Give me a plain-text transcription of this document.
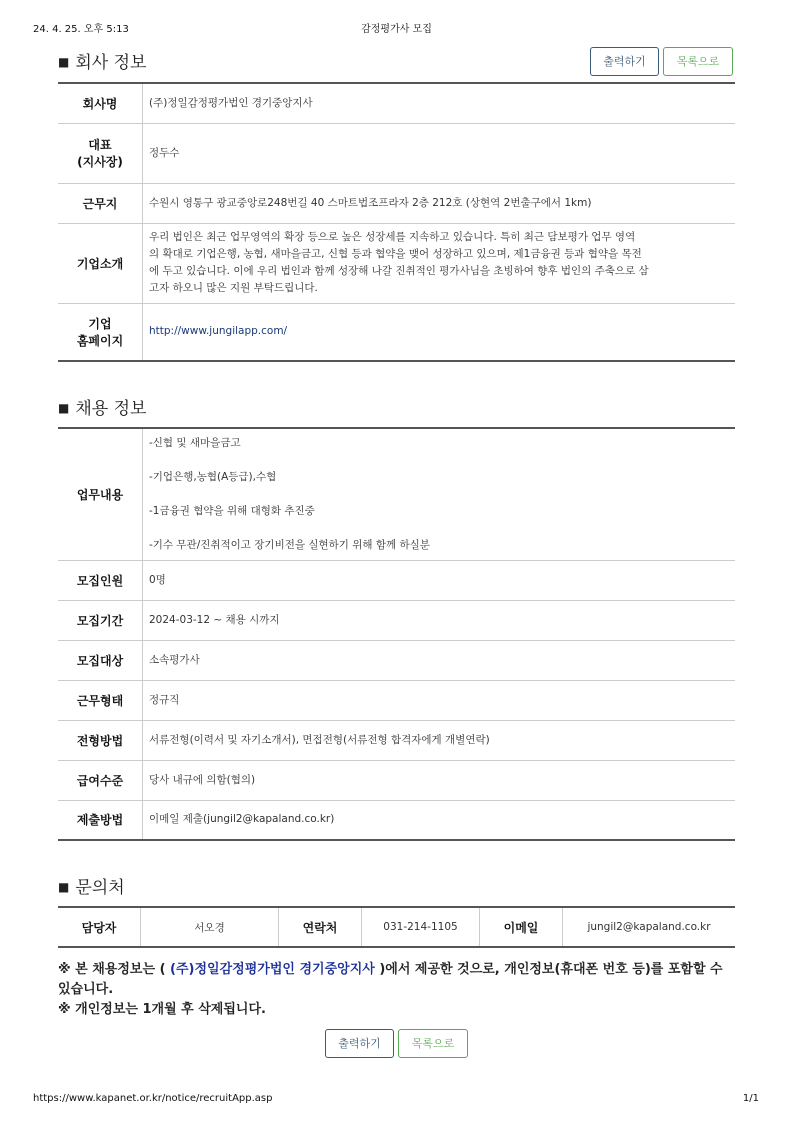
24. 4. 25. 오후 5:13	감정평가사 모집
■ 회사 정보	출력하기	목록으로
회사명	(주)정일감정평가법인 경기중앙지사
대표
(지사장)	정두수
근무지	수원시 영통구 광교중앙로248번길 40 스마트법조프라자 2층 212호 (상현역 2번출구에서 1km)
기업소개	우리 법인은 최근 업무영역의 확장 등으로 높은 성장세를 지속하고 있습니다. 특히 최근 담보평가 업무 영역
의 확대로 기업은행, 농협, 새마을금고, 신협 등과 협약을 맺어 성장하고 있으며, 제1금융권 등과 협약을 목전
에 두고 있습니다. 이에 우리 법인과 함께 성장해 나갈 진취적인 평가사님을 초빙하여 향후 법인의 주축으로 삼
고자 하오니 많은 지원 부탁드립니다.
기업
홈페이지	http://www.jungilapp.com/
■ 채용 정보
업무내용	-신협 및 새마을금고

-기업은행,농협(A등급),수협

-1금융권 협약을 위해 대형화 추진중

-기수 무관/진취적이고 장기비전을 실현하기 위해 함께 하실분

모집인원	0명
모집기간	2024-03-12 ~ 채용 시까지
모집대상	소속평가사
근무형태	정규직
전형방법	서류전형(이력서 및 자기소개서), 면접전형(서류전형 합격자에게 개별연락)
급여수준	당사 내규에 의함(협의)
제출방법	이메일 제출(jungil2@kapaland.co.kr)
■ 문의처
담당자	서오경	연락처	031-214-1105	이메일	jungil2@kapaland.co.kr
※ 본 채용정보는 ( (주)정일감정평가법인 경기중앙지사 )에서 제공한 것으로, 개인정보(휴대폰 번호 등)를 포함할 수 있습니다.
※ 개인정보는 1개월 후 삭제됩니다.
출력하기	목록으로
https://www.kapanet.or.kr/notice/recruitApp.asp	1/1
